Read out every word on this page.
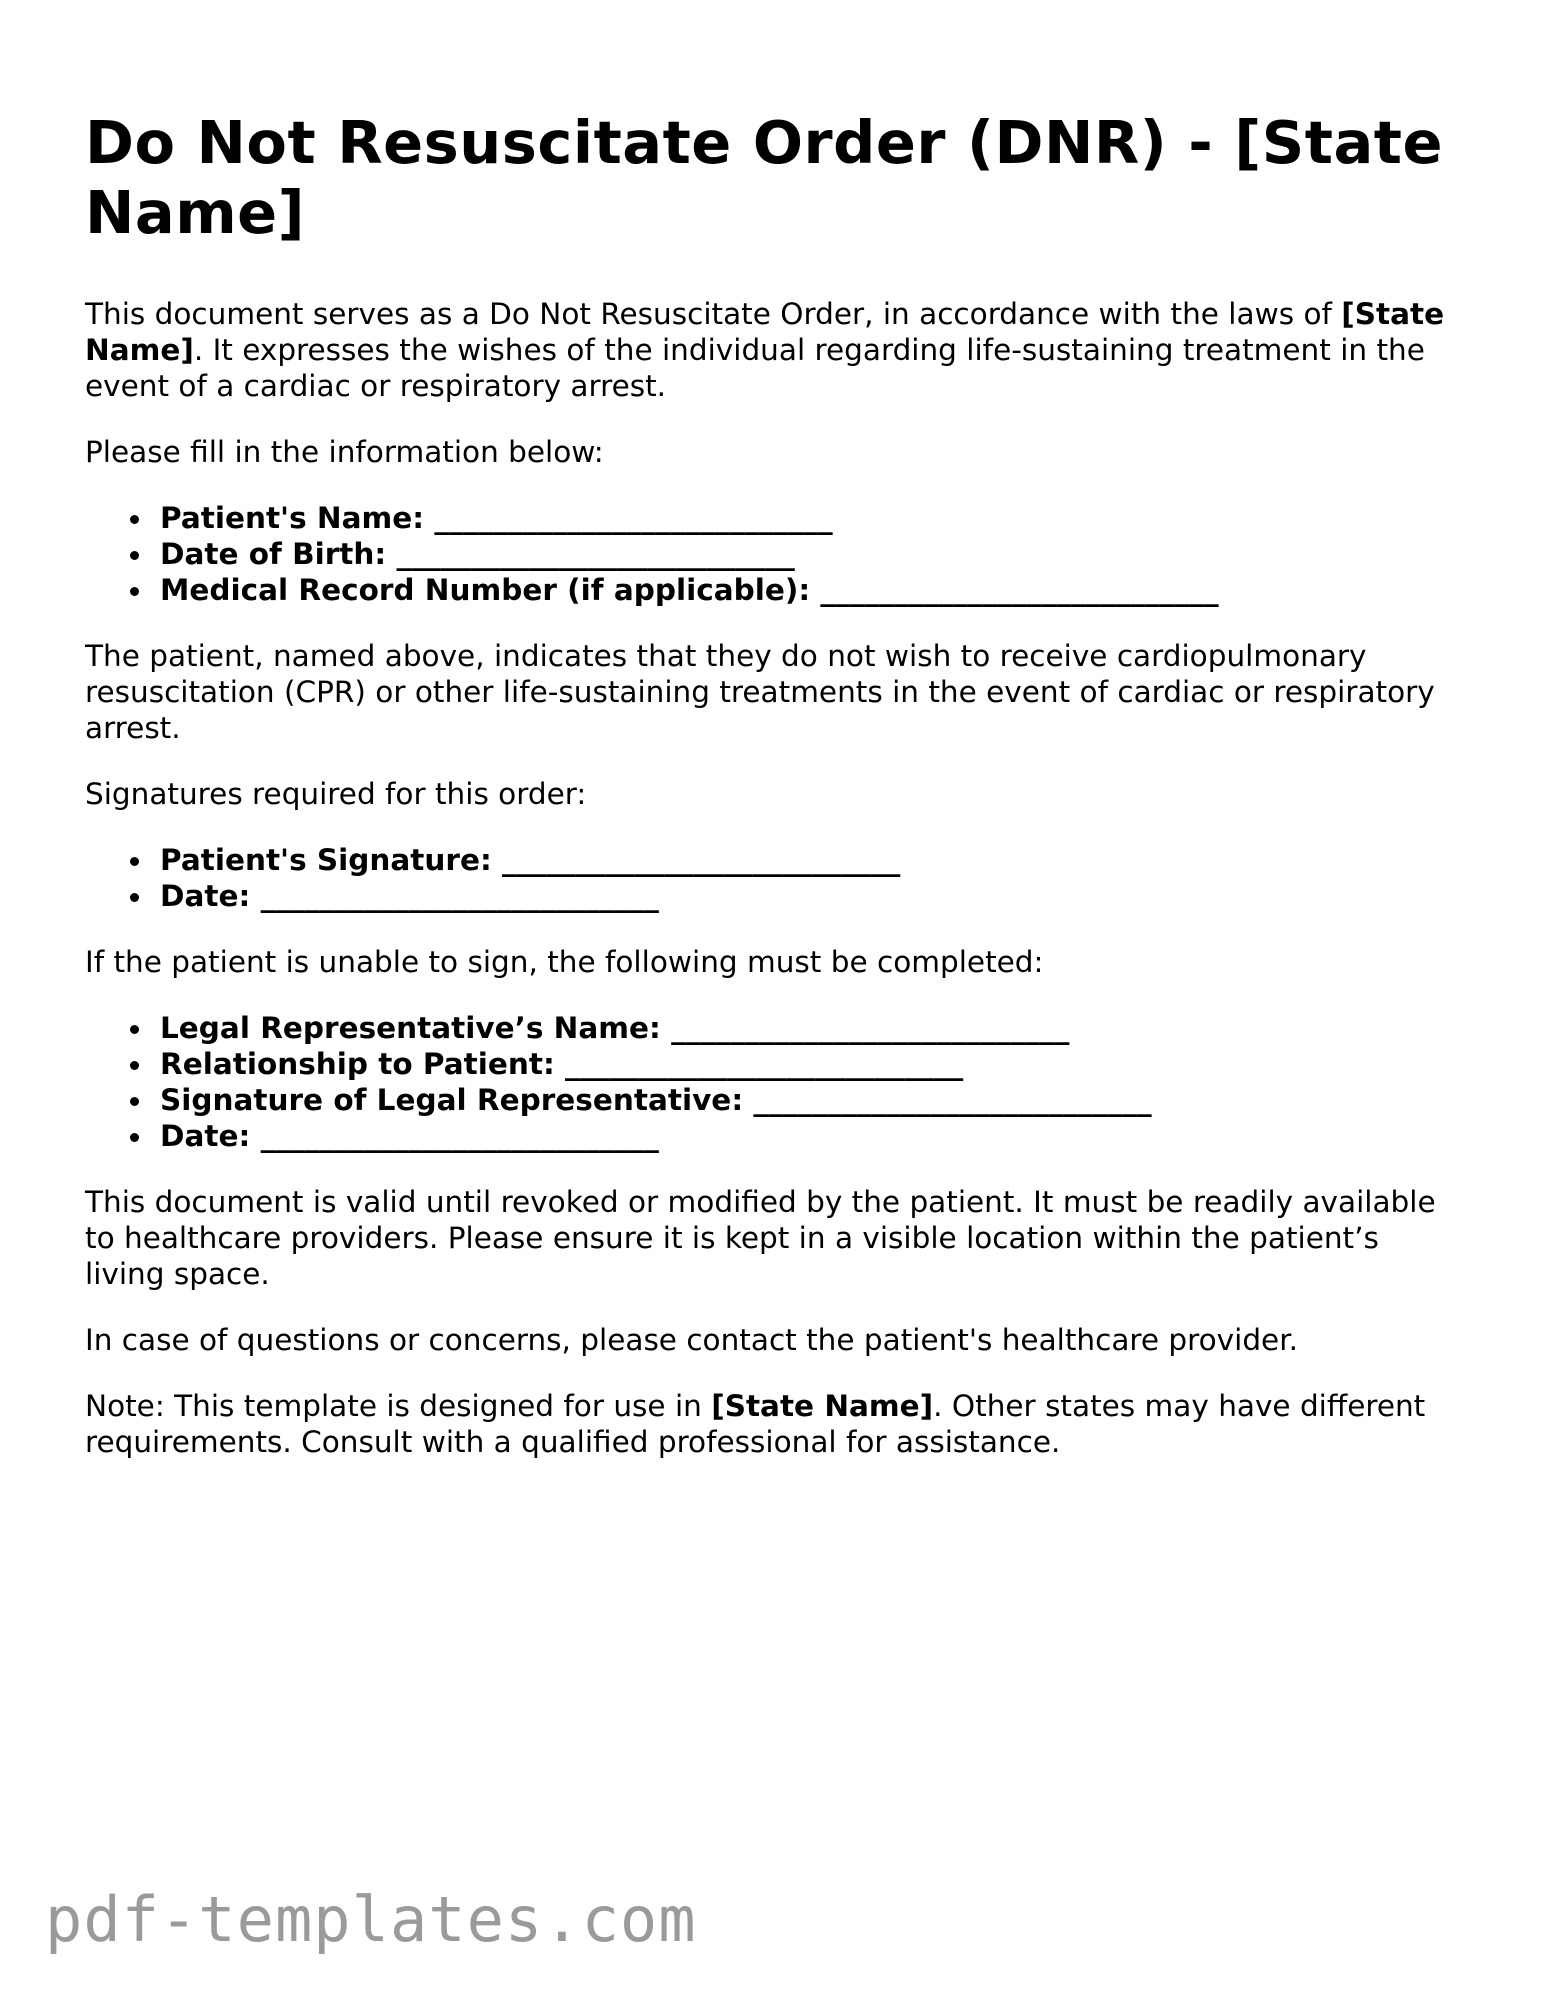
Do Not Resuscitate Order (DNR) - [State Name]

This document serves as a Do Not Resuscitate Order, in accordance with the laws of [State Name]. It expresses the wishes of the individual regarding life-sustaining treatment in the event of a cardiac or respiratory arrest.

Please fill in the information below:

Patient's Name: ___________________________
Date of Birth: ___________________________
Medical Record Number (if applicable): ___________________________

The patient, named above, indicates that they do not wish to receive cardiopulmonary resuscitation (CPR) or other life-sustaining treatments in the event of cardiac or respiratory arrest.

Signatures required for this order:

Patient's Signature: ___________________________
Date: ___________________________

If the patient is unable to sign, the following must be completed:

Legal Representative’s Name: ___________________________
Relationship to Patient: ___________________________
Signature of Legal Representative: ___________________________
Date: ___________________________

This document is valid until revoked or modified by the patient. It must be readily available to healthcare providers. Please ensure it is kept in a visible location within the patient’s living space.

In case of questions or concerns, please contact the patient's healthcare provider.

Note: This template is designed for use in [State Name]. Other states may have different requirements. Consult with a qualified professional for assistance.

pdf-templates.com
